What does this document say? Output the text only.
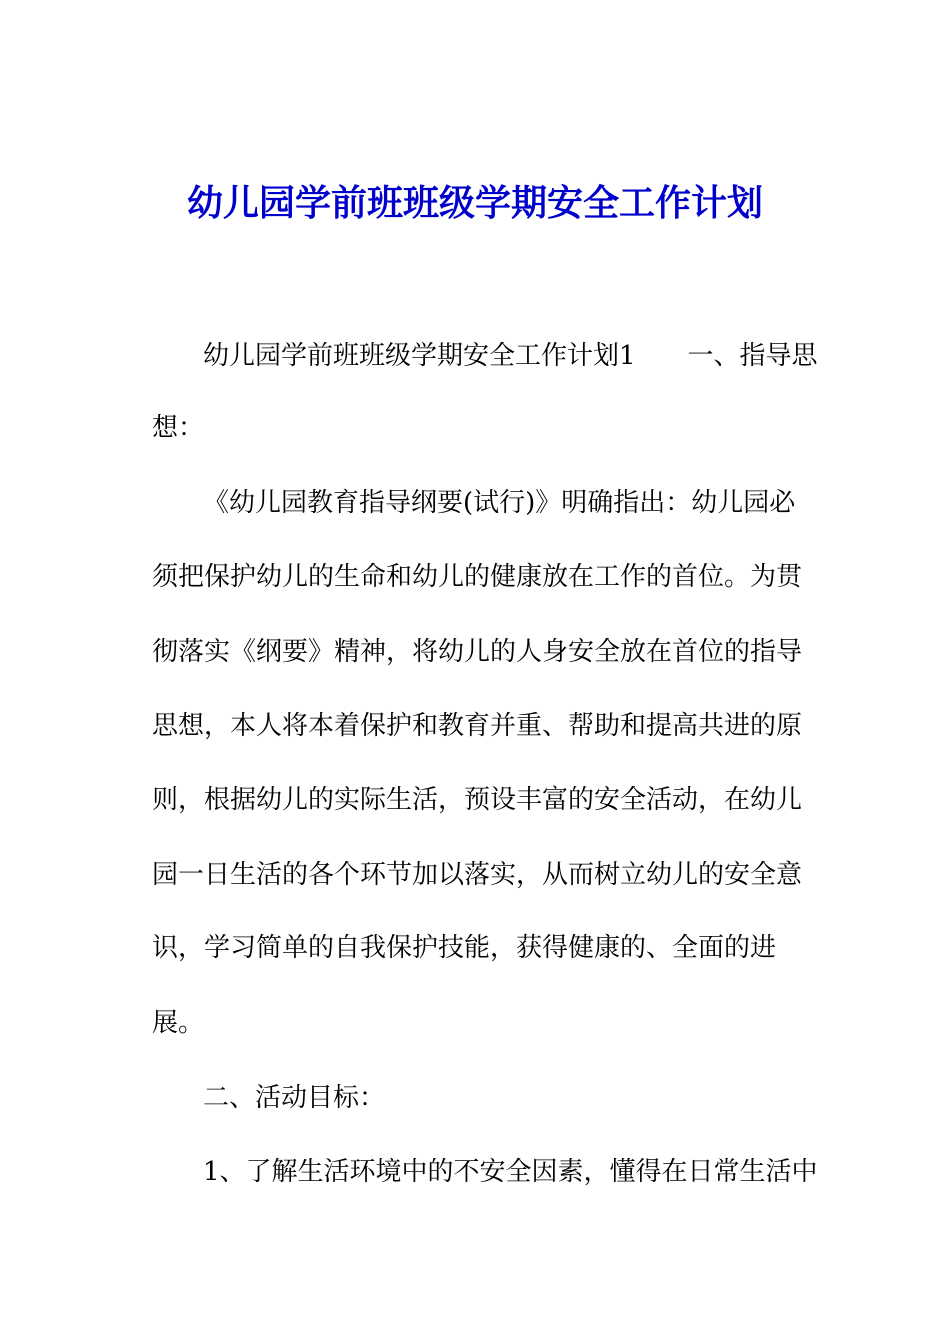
幼儿园学前班班级学期安全工作计划
幼儿园学前班班级学期安全工作计划1 一、指导思
想：
《幼儿园教育指导纲要(试行)》明确指出：幼儿园必
须把保护幼儿的生命和幼儿的健康放在工作的首位。为贯
彻落实《纲要》精神，将幼儿的人身安全放在首位的指导
思想，本人将本着保护和教育并重、帮助和提高共进的原
则，根据幼儿的实际生活，预设丰富的安全活动，在幼儿
园一日生活的各个环节加以落实，从而树立幼儿的安全意
识，学习简单的自我保护技能，获得健康的、全面的进
展。
二、活动目标：
1、了解生活环境中的不安全因素，懂得在日常生活中
